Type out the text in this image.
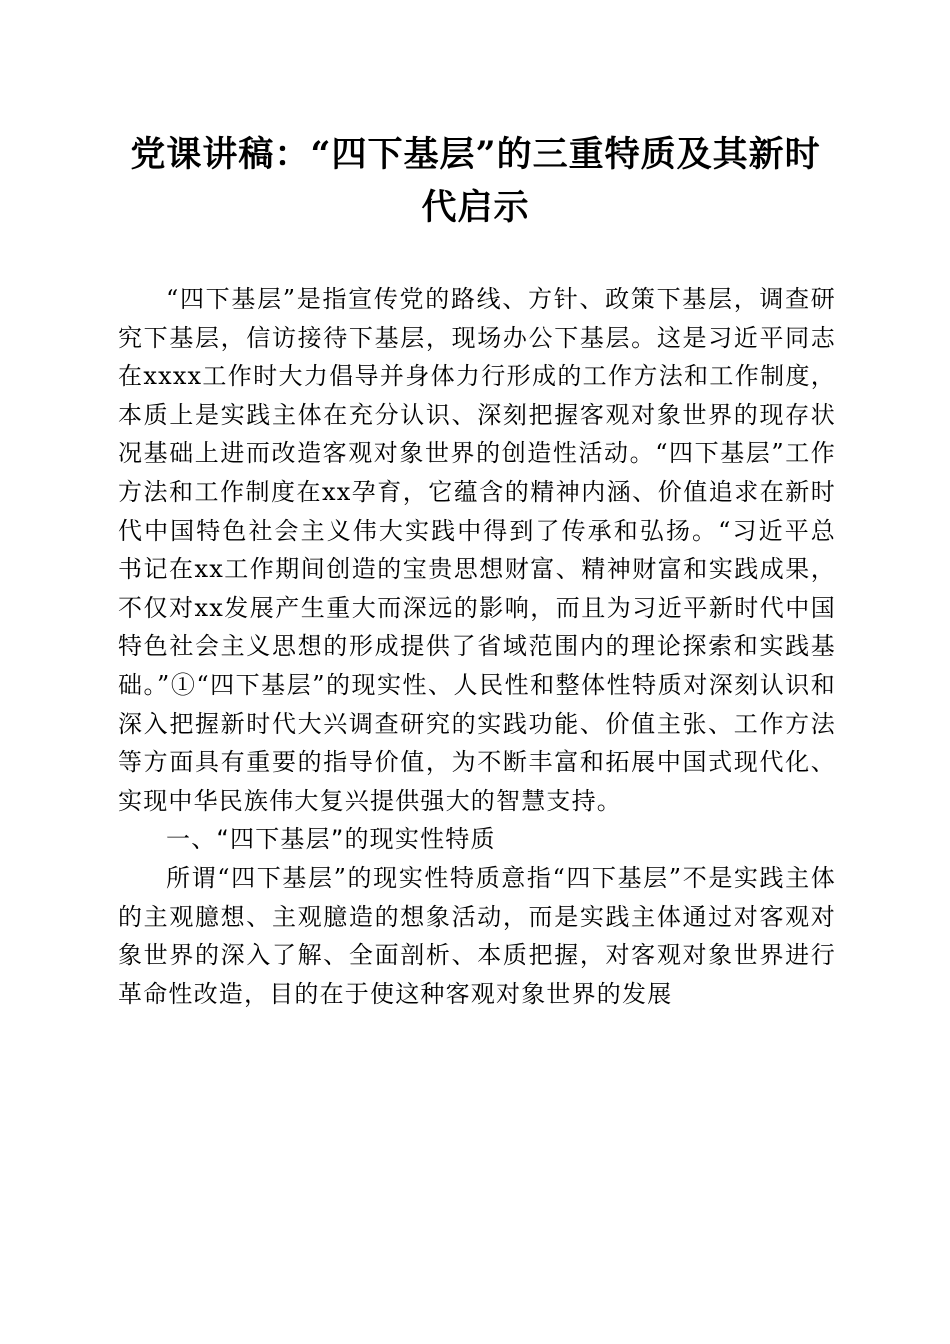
党课讲稿：“四下基层”的三重特质及其新时代启示

“四下基层”是指宣传党的路线、方针、政策下基层，调查研究下基层，信访接待下基层，现场办公下基层。这是习近平同志在xxxx工作时大力倡导并身体力行形成的工作方法和工作制度，本质上是实践主体在充分认识、深刻把握客观对象世界的现存状况基础上进而改造客观对象世界的创造性活动。“四下基层”工作方法和工作制度在xx孕育，它蕴含的精神内涵、价值追求在新时代中国特色社会主义伟大实践中得到了传承和弘扬。“习近平总书记在xx工作期间创造的宝贵思想财富、精神财富和实践成果，不仅对xx发展产生重大而深远的影响，而且为习近平新时代中国特色社会主义思想的形成提供了省域范围内的理论探索和实践基础。”①“四下基层”的现实性、人民性和整体性特质对深刻认识和深入把握新时代大兴调查研究的实践功能、价值主张、工作方法等方面具有重要的指导价值，为不断丰富和拓展中国式现代化、实现中华民族伟大复兴提供强大的智慧支持。

一、“四下基层”的现实性特质

所谓“四下基层”的现实性特质意指“四下基层”不是实践主体的主观臆想、主观臆造的想象活动，而是实践主体通过对客观对象世界的深入了解、全面剖析、本质把握，对客观对象世界进行革命性改造，目的在于使这种客观对象世界的发展
